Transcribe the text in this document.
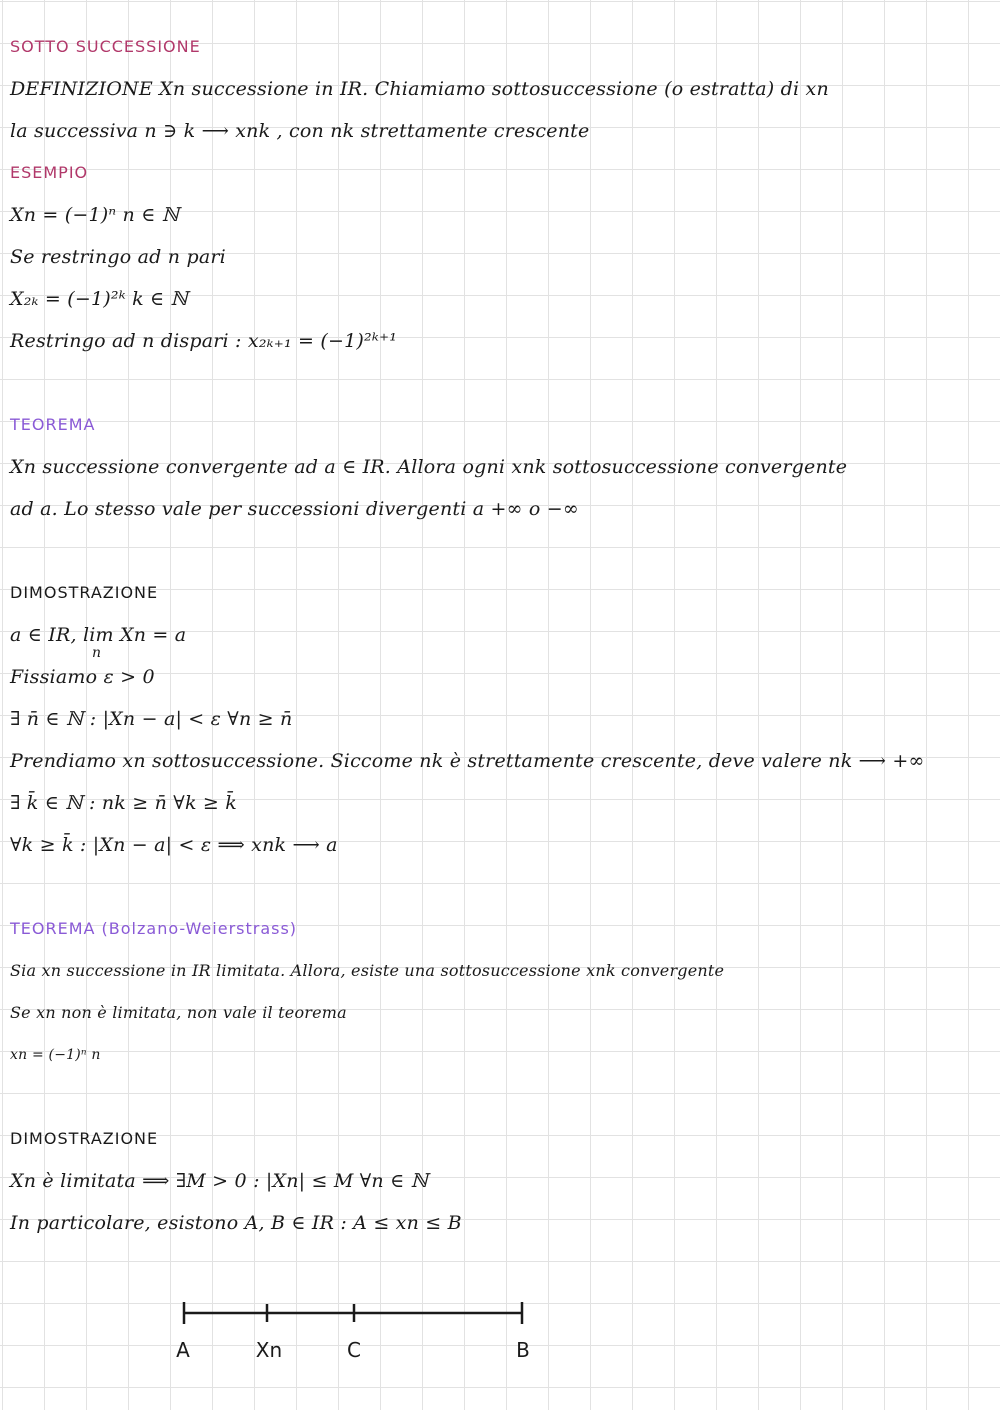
SOTTO SUCCESSIONE
DEFINIZIONE Xn successione in IR. Chiamiamo sottosuccessione (o estratta) di xn
la successiva n ∋ k ⟶ xnk , con nk strettamente crescente
ESEMPIO
Xn = (−1)ⁿ n ∈ ℕ
Se restringo ad n pari
X₂ₖ = (−1)²ᵏ k ∈ ℕ
Restringo ad n dispari : x₂ₖ₊₁ = (−1)²ᵏ⁺¹
TEOREMA
Xn successione convergente ad a ∈ IR. Allora ogni xnk sottosuccessione convergente
ad a. Lo stesso vale per successioni divergenti a +∞ o −∞
DIMOSTRAZIONE
a ∈ IR, lim Xn = a
n
Fissiamo ε > 0
∃ n̄ ∈ ℕ : |Xn − a| < ε ∀n ≥ n̄
Prendiamo xn sottosuccessione. Siccome nk è strettamente crescente, deve valere nk ⟶ +∞
∃ k̄ ∈ ℕ : nk ≥ n̄ ∀k ≥ k̄
∀k ≥ k̄ : |Xn − a| < ε ⟹ xnk ⟶ a
TEOREMA (Bolzano-Weierstrass)
Sia xn successione in IR limitata. Allora, esiste una sottosuccessione xnk convergente
Se xn non è limitata, non vale il teorema
xn = (−1)ⁿ n
DIMOSTRAZIONE
Xn è limitata ⟹ ∃M > 0 : |Xn| ≤ M ∀n ∈ ℕ
In particolare, esistono A, B ∈ IR : A ≤ xn ≤ B
A	Xn	C	B
